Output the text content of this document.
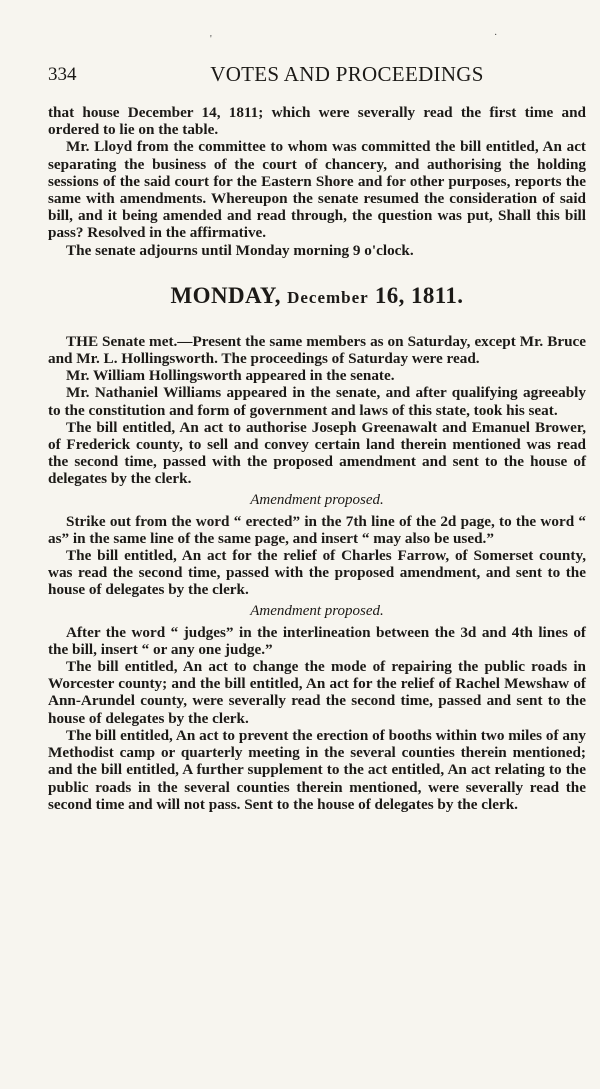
'	·
334	VOTES AND PROCEEDINGS

that house December 14, 1811; which were severally read the first time and ordered to lie on the table.

Mr. Lloyd from the committee to whom was committed the bill entitled, An act separating the business of the court of chancery, and authorising the holding sessions of the said court for the Eastern Shore and for other purposes, reports the same with amendments. Whereupon the senate resumed the consideration of said bill, and it being amended and read through, the question was put, Shall this bill pass? Resolved in the affirmative.

The senate adjourns until Monday morning 9 o'clock.

MONDAY, December 16, 1811.

THE Senate met.—Present the same members as on Saturday, except Mr. Bruce and Mr. L. Hollingsworth. The proceedings of Saturday were read.

Mr. William Hollingsworth appeared in the senate.

Mr. Nathaniel Williams appeared in the senate, and after qualifying agreeably to the constitution and form of government and laws of this state, took his seat.

The bill entitled, An act to authorise Joseph Greenawalt and Emanuel Brower, of Frederick county, to sell and convey certain land therein mentioned was read the second time, passed with the proposed amendment and sent to the house of delegates by the clerk.

Amendment proposed.

Strike out from the word “ erected” in the 7th line of the 2d page, to the word “ as” in the same line of the same page, and insert “ may also be used.”

The bill entitled, An act for the relief of Charles Farrow, of Somerset county, was read the second time, passed with the proposed amendment, and sent to the house of delegates by the clerk.

Amendment proposed.

After the word “ judges” in the interlineation between the 3d and 4th lines of the bill, insert “ or any one judge.”

The bill entitled, An act to change the mode of repairing the public roads in Worcester county; and the bill entitled, An act for the relief of Rachel Mewshaw of Ann-Arundel county, were severally read the second time, passed and sent to the house of delegates by the clerk.

The bill entitled, An act to prevent the erection of booths within two miles of any Methodist camp or quarterly meeting in the several counties therein mentioned; and the bill entitled, A further supplement to the act entitled, An act relating to the public roads in the several counties therein mentioned, were severally read the second time and will not pass. Sent to the house of delegates by the clerk.
